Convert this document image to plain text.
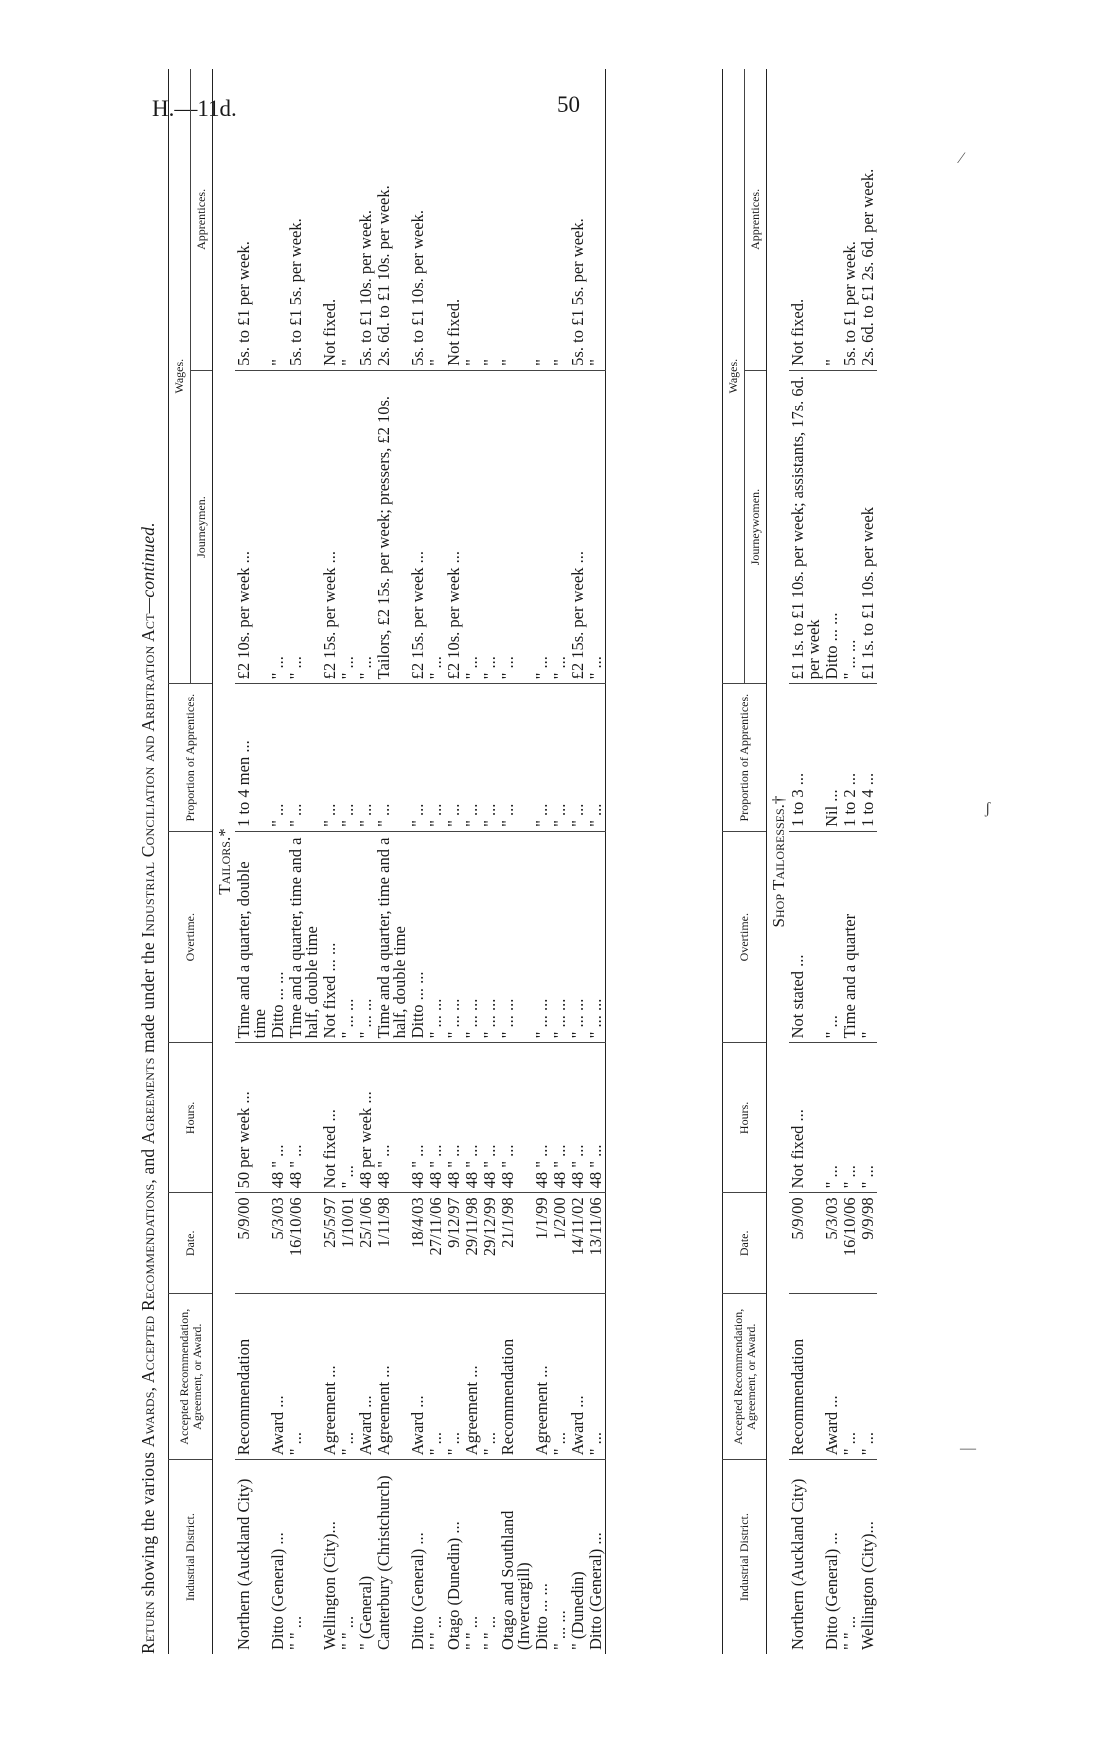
H.—11d.	50
Return showing the various Awards, Accepted Recommendations, and Agreements made under the Industrial Conciliation and Arbitration Act—continued.
Industrial District.	Accepted Recommendation, Agreement, or Award.	Date.	Hours.	Overtime.	Proportion of Apprentices.	Wages.	
						Journeymen.	Apprentices.
Tailors.*							
Northern (Auckland City)	Recommendation	5/9/00	50 per week ...	Time and a quarter, double time	1 to 4 men ...	£2 10s. per week ...	5s. to £1 per week.
Ditto (General) ...	Award ...	5/3/03	48 " ...	Ditto ... ...	" ...	" ...	"
" " ...	" ...	16/10/06	48 " ...	Time and a quarter, time and a half, double time	" ...	" ...	5s. to £1 5s. per week.
Wellington (City)...	Agreement ...	25/5/97	Not fixed ...	Not fixed ... ...	" ...	£2 15s. per week ...	Not fixed.
" " ...	" ...	1/10/01	" ...	" ... ...	" ...	" ...	"
" (General)	Award ...	25/1/06	48 per week ...	" ... ...	" ...	" ...	5s. to £1 10s. per week.
Canterbury (Christchurch)	Agreement ...	1/11/98	48 " ...	Time and a quarter, time and a half, double time	" ...	Tailors, £2 15s. per week; pressers, £2 10s.	2s. 6d. to £1 10s. per week.
Ditto (General) ...	Award ...	18/4/03	48 " ...	Ditto ... ...	" ...	£2 15s. per week ...	5s. to £1 10s. per week.
" " ...	" ...	27/11/06	48 " ...	" ... ...	" ...	" ...	"
Otago (Dunedin) ...	" ...	9/12/97	48 " ...	" ... ...	" ...	£2 10s. per week ...	Not fixed.
" " ...	Agreement ...	29/11/98	48 " ...	" ... ...	" ...	" ...	"
" " ...	" ...	29/12/99	48 " ...	" ... ...	" ...	" ...	"
Otago and Southland (Invercargill)	Recommendation	21/1/98	48 " ...	" ... ...	" ...	" ...	"
Ditto ... ...	Agreement ...	1/1/99	48 " ...	" ... ...	" ...	" ...	"
" ... ...	" ...	1/2/00	48 " ...	" ... ...	" ...	" ...	"
" (Dunedin)	Award ...	14/11/02	48 " ...	" ... ...	" ...	£2 15s. per week ...	5s. to £1 5s. per week.
Ditto (General) ...	" ...	13/11/06	48 " ...	" ... ...	" ...	" ...	"
Industrial District.	Accepted Recommendation, Agreement, or Award.	Date.	Hours.	Overtime.	Proportion of Apprentices.	Wages.	
						Journeywomen.	Apprentices.
Shop Tailoresses.†							
Northern (Auckland City)	Recommendation	5/9/00	Not fixed ...	Not stated ...	1 to 3 ...	£1 1s. to £1 10s. per week; assistants, 17s. 6d. per week	Not fixed.
Ditto (General) ...	Award ...	5/3/03	" ...	" ...	Nil ...	Ditto ... ...	"
" " ...	" ...	16/10/06	" ...	Time and a quarter	1 to 2 ...	" ... ...	5s. to £1 per week.
Wellington (City)...	" ...	9/9/98	" ...	"	1 to 4 ...	£1 1s. to £1 10s. per week	2s. 6d. to £1 2s. 6d. per week.
⁄
ʃ
—
